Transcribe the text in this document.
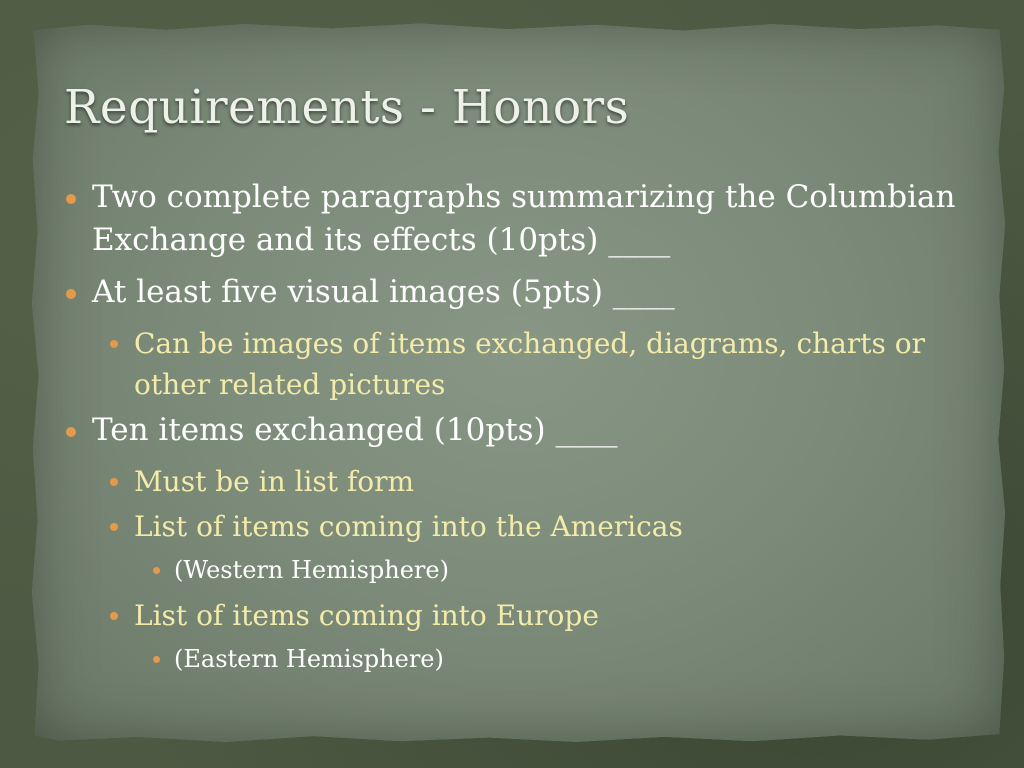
Requirements - Honors

Two complete paragraphs summarizing the Columbian Exchange and its effects (10pts) ____

At least five visual images (5pts) ____

Can be images of items exchanged, diagrams, charts or other related pictures

Ten items exchanged (10pts) ____

Must be in list form

List of items coming into the Americas

(Western Hemisphere)

List of items coming into Europe

(Eastern Hemisphere)
